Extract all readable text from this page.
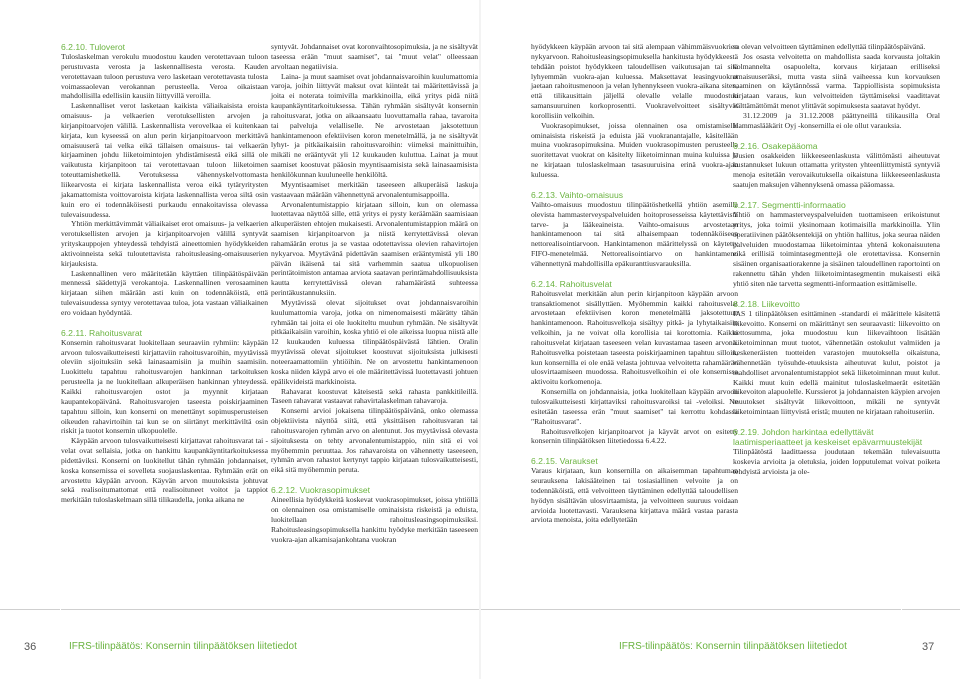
6.2.10. Tuloverot

Tuloslaskelman verokulu muodostuu kauden verotettavaan tuloon perustuvasta verosta ja laskennallisesta verosta. Kauden verotettavaan tuloon perustuva vero lasketaan verotettavasta tulosta voimassaolevan verokannan perusteella. Veroa oikaistaan mahdollisilla edellisiin kausiin liittyvillä veroilla.

Laskennalliset verot lasketaan kaikista väliaikaisista eroista omaisuus- ja velkaerien verotuksellisten arvojen ja kirjanpitoarvojen välillä. Laskennallista verovelkaa ei kuitenkaan kirjata, kun kyseessä on alun perin kirjanpitoarvoon merkittävä omaisuuserä tai velka eikä tällaisen omaisuus- tai velkaerän kirjaaminen johdu liiketoimintojen yhdistämisestä eikä sillä ole vaikutusta kirjanpitoon tai verotettavaan tuloon liiketoimen toteuttamishetkellä. Verotuksessa vähennyskelvottomasta liikearvosta ei kirjata laskennallista veroa eikä tytäryritysten jakamattomista voittovaroista kirjata laskennallista veroa siltä osin kuin ero ei todennäköisesti purkaudu ennakoitavissa olevassa tulevaisuudessa.

Yhtiön merkittävimmät väliaikaiset erot omaisuus- ja velkaerien verotuksellisten arvojen ja kirjanpitoarvojen välillä syntyvät yrityskauppojen yhteydessä tehdyistä aineettomien hyödykkeiden aktivoinneista sekä tuloutettavista rahoitusleasing-omaisuuserien kirjauksista.

Laskennallinen vero määritetään käyttäen tilinpäätöspäivään mennessä säädettyjä verokantoja. Laskennallinen verosaaminen kirjataan siihen määrään asti kuin on todennäköistä, että tulevaisuudessa syntyy verotettavaa tuloa, jota vastaan väliaikainen ero voidaan hyödyntää.

6.2.11. Rahoitusvarat

Konsernin rahoitusvarat luokitellaan seuraaviin ryhmiin: käypään arvoon tulosvaikutteisesti kirjattaviin rahoitusvaroihin, myytävissä oleviin sijoituksiin sekä lainasaamisiin ja muihin saamisiin. Luokittelu tapahtuu rahoitusvarojen hankinnan tarkoituksen perusteella ja ne luokitellaan alkuperäisen hankinnan yhteydessä. Kaikki rahoitusvarojen ostot ja myynnit kirjataan kaupantekopäivänä. Rahoitusvarojen taseesta poiskirjaaminen tapahtuu silloin, kun konserni on menettänyt sopimusperusteisen oikeuden rahavirtoihin tai kun se on siirtänyt merkittäviltä osin riskit ja tuotot konsernin ulkopuolelle.

Käypään arvoon tulosvaikutteisesti kirjattavat rahoitusvarat tai -velat ovat sellaisia, jotka on hankittu kaupankäyntitarkoituksessa pidettäviksi. Konserni on luokitellut tähän ryhmään johdannaiset, koska konsernissa ei sovelleta suojauslaskentaa. Ryhmään erät on arvostettu käypään arvoon. Käyvän arvon muutoksista johtuvat sekä realisoitumattomat että realisoituneet voitot ja tappiot merkitään tuloslaskelmaan sillä tilikaudella, jonka aikana ne

syntyvät. Johdannaiset ovat koronvaihtosopimuksia, ja ne sisältyvät taseessa erään "muut saamiset", tai "muut velat" olleessaan arvoltaan negatiivisia.

Laina- ja muut saamiset ovat johdannaisvaroihin kuulumattomia varoja, joihin liittyvät maksut ovat kiinteät tai määritettävissä ja joita ei noterata toimivilla markkinoilla, eikä yritys pidä niitä kaupankäyntitarkoituksessa. Tähän ryhmään sisältyvät konsernin rahoitusvarat, jotka on aikaansaatu luovuttamalla rahaa, tavaroita tai palveluja velalliselle. Ne arvostetaan jaksotettuun hankintamenoon efektiivisen koron menetelmällä, ja ne sisältyvät lyhyt- ja pitkäaikaisiin rahoitusvaroihin: viimeksi mainittuihin, mikäli ne erääntyvät yli 12 kuukauden kuluttua. Lainat ja muut saamiset koostuvat pääosin myyntisaamisista sekä lainasaamisista henkilökunnan kuuluneelle henkilöltä.

Myyntisaamiset merkitään taseeseen alkuperäisä laskuja vastaavaan määrään vähennettynä arvonalentumisappoilla.

Arvonalentumistappio kirjataan silloin, kun on olemassa luotettavaa näyttöä sille, että yritys ei pysty keräämään saamisiaan alkuperäisten ehtojen mukaisesti. Arvonalentumistappion määrä on saamisen kirjanpitoarvon ja niistä kerrytettävissä olevan rahamäärän erotus ja se vastaa odotettavissa olevien rahavirtojen nykyarvoa. Myytävänä pidettävän saamisen erääntymistä yli 180 päivän ikäisenä tai sitä varhemmin saatua ulkopuolisen perintätoimiston antamaa arviota saatavan perintämahdollisuuksista kautta kerrytettävissä olevan rahamäärästä suhteessa perintäkustannuksiin.

Myytävissä olevat sijoitukset ovat johdannaisvaroihin kuulumattomia varoja, jotka on nimenomaisesti määrätty tähän ryhmään tai joita ei ole luokiteltu muuhun ryhmään. Ne sisältyvät pitkäaikaisiin varoihin, koska yhtiö ei ole aikeissa luopua niistä alle 12 kuukauden kuluessa tilinpäätöspäivästä lähtien. Oralin myytävissä olevat sijoitukset koostuvat sijoituksista julkisesti noteeraamattomiin yhtiöihin. Ne on arvostettu hankintamenoon koska niiden käypä arvo ei ole määritettävissä luotettavasti johtuen epälikvideistä markkinoista.

Rahavarat koostuvat käteisestä sekä rahasta pankkitileillä. Taseen rahavarat vastaavat rahavirtalaskelman rahavaroja.

Konserni arvioi jokaisena tilinpäätöspäivänä, onko olemassa objektiivista näyttöä siitä, että yksittäisen rahoitusvaran tai rahoitusvarojen ryhmän arvo on alentunut. Jos myytävissä olevasta sijoituksesta on tehty arvonalentumistappio, niin sitä ei voi myöhemmin peruuttaa. Jos rahavaroista on vähennetty taseeseen, ryhmän arvon rahastot kertynyt tappio kirjataan tulosvaikutteisesti, eikä sitä myöhemmin peruta.

6.2.12. Vuokrasopimukset

Aineellisia hyödykkeitä koskevat vuokrasopimukset, joissa yhtiöllä on olennainen osa omistamiselle ominaisista riskeistä ja eduista, luokitellaan rahoitusleasingsopimuksiksi. Rahoitusleasingsopimuksella hankittu hyödyke merkitään taseeseen vuokra-ajan alkamisajankohtana vuokran

hyödykkeen käypään arvoon tai sitä alempaan vähimmäisvuokrien nykyarvoon. Rahoitusleasingsopimuksella hankitusta hyödykkeestä tehdään poistot hyödykkeen taloudellisen vaikutusajan tai sitä lyhyemmän vuokra-ajan kuluessa. Maksettavat leasingvuokrat jaetaan rahoitusmenoon ja velan lyhennykseen vuokra-aikana siten, että tilikausittain jäljellä olevalle velalle muodostuu samansuuruinen korkoprosentti. Vuokravelvoitteet sisältyvät korollisiin velkoihin.

Vuokrasopimukset, joissa olennainen osa omistamiselle ominaisista riskeistä ja eduista jää vuokranantajalle, käsitellään muina vuokrasopimuksina. Muiden vuokrasopimusten perusteella suoritettavat vuokrat on käsitelty liiketoiminnan muina kuluissa ja ne kirjataan tuloslaskelmaan tasasuuruisina erinä vuokra-ajan kuluessa.

6.2.13. Vaihto-omaisuus

Vaihto-omaisuus muodostuu tilinpäätöshetkellä yhtiön asemilla olevista hammasterveyspalveluiden hoitoprosesseissa käytettävistä tarve- ja lääkeaineista. Vaihto-omaisuus arvostetaan hankintamenoon tai sitä alhaisempaan todennäköiseen nettorealisointiarvoon. Hankintamenon määrittelyssä on käytetty FIFO-menetelmää. Nettorealisointiarvo on hankintameno vähennettynä mahdollisilla epäkuranttiusvarauksilla.

6.2.14. Rahoitusvelat

Rahoitusvelat merkitään alun perin kirjanpitoon käypään arvoon transaktiomenot sisällyttäen. Myöhemmin kaikki rahoitusvelat arvostetaan efektiivisen koron menetelmällä jaksotettuun hankintamenoon. Rahoitusvelkoja sisältyy pitkä- ja lyhytaikaisiin velkoihin, ja ne voivat olla korollisia tai korottomia. Kaikki rahoitusvelat kirjataan taseeseen velan kuvastamaa taseen arvona. Rahoitusvelka poistetaan taseesta poiskirjaaminen tapahtuu silloin, kun konsernilla ei ole enää velasta johtuvaa velvoitetta rahamäärän ulosvirtaamiseen muodossa. Rahoitusvelkoihin ei ole konsernissa aktivoitu korkomenoja.

Konsernilla on johdannaisia, jotka luokitellaan käypään arvoon tulosvaikutteisesti kirjattaviksi rahoitusvaroiksi tai -veloiksi. Ne esitetään taseessa erän "muut saamiset" tai kerrottu kohdassa "Rahoitusvarat".

Rahoitusvelkojen kirjanpitoarvot ja käyvät arvot on esitetty konsernin tilinpäätöksen liitetiedossa 6.4.22.

6.2.15. Varaukset

Varaus kirjataan, kun konsernilla on aikaisemman tapahtuman seurauksena lakisääteinen tai tosiasiallinen velvoite ja on todennäköistä, että velvoitteen täyttäminen edellyttää taloudellisen hyödyn sisältävän ulosvirtaamista, ja velvoitteen suuruus voidaan arvioida luotettavasti. Varauksena kirjattava määrä vastaa parasta arviota menoista, joita edellytetään

sa olevan velvoitteen täyttäminen edellyttää tilinpäätöspäivänä.

Jos osasta velvoitetta on mahdollista saada korvausta joltakin kolmannelta osapuolelta, korvaus kirjataan erilliseksi omaisuuseräksi, mutta vasta siinä vaiheessa kun korvauksen saaminen on käytännössä varma. Tappiollisista sopimuksista kirjataan varaus, kun velvoitteiden täyttämiseksi vaadittavat välttämättömät menot ylittävät sopimuksesta saatavat hyödyt.

31.12.2009 ja 31.12.2008 päättyneillä tilikausilla Oral Hammaslääkärit Oyj -konsernilla ei ole ollut varauksia.

6.2.16. Osakepääoma

Uusien osakkeiden liikkeeseenlaskusta välittömästi aiheutuvat kustannukset lukuun ottamatta yritysten yhteenliittymistä syntyviä menoja esitetään verovaikutuksella oikaistuna liikkeeseenlaskusta saatujen maksujen vähennyksenä omassa pääomassa.

6.2.17. Segmentti-informaatio

Yhtiö on hammasterveyspalveluiden tuottamiseen erikoistunut yritys, joka toimii yksinomaan kotimaisilla markkinoilla. Ylin operatiivinen päätöksentekijä on yhtiön hallitus, joka seuraa näiden palveluiden muodostamaa liiketoimintaa yhtenä kokonaisuutena eikä erillisiä toimintasegmenttejä ole erotettavissa. Konsernin sisäinen organisaatiorakenne ja sisäinen taloudellinen raportointi on rakennettu tähän yhden liiketoimintasegmentin mukaisesti eikä yhtiö siten näe tarvetta segmentti-informaation esittämiselle.

6.2.18. Liikevoitto

IAS 1 tilinpäätöksen esittäminen -standardi ei määrittele käsitettä liikevoitto. Konserni on määrittänyt sen seuraavasti: liikevoitto on nettosumma, joka muodostuu kun liikevaihtoon lisätään liiketoiminnan muut tuotot, vähennetään ostokulut valmiiden ja keskeneräisten tuotteiden varastojen muutoksella oikaistuna, vähennetään työsuhde-etuuksista aiheutuvat kulut, poistot ja mahdolliset arvonalentumistappiot sekä liiketoiminnan muut kulut. Kaikki muut kuin edellä mainitut tuloslaskelmaerät esitetään liikevoiton alapuolelle. Kurssierot ja johdannaisten käypien arvojen muutokset sisältyvät liikevoittoon, mikäli ne syntyvät liiketoimintaan liittyvistä eristä; muuten ne kirjataan rahoituseriin.

6.2.19. Johdon harkintaa edellyttävät laatimisperiaatteet ja keskeiset epävarmuustekijät

Tilinpäätöstä laadittaessa joudutaan tekemään tulevaisuutta koskevia arvioita ja oletuksia, joiden lopputulemat voivat poiketa tehdyistä arvioista ja ole-

36	IFRS-tilinpäätös: Konsernin tilinpäätöksen liitetiedot	IFRS-tilinpäätös: Konsernin tilinpäätöksen liitetiedot	37
